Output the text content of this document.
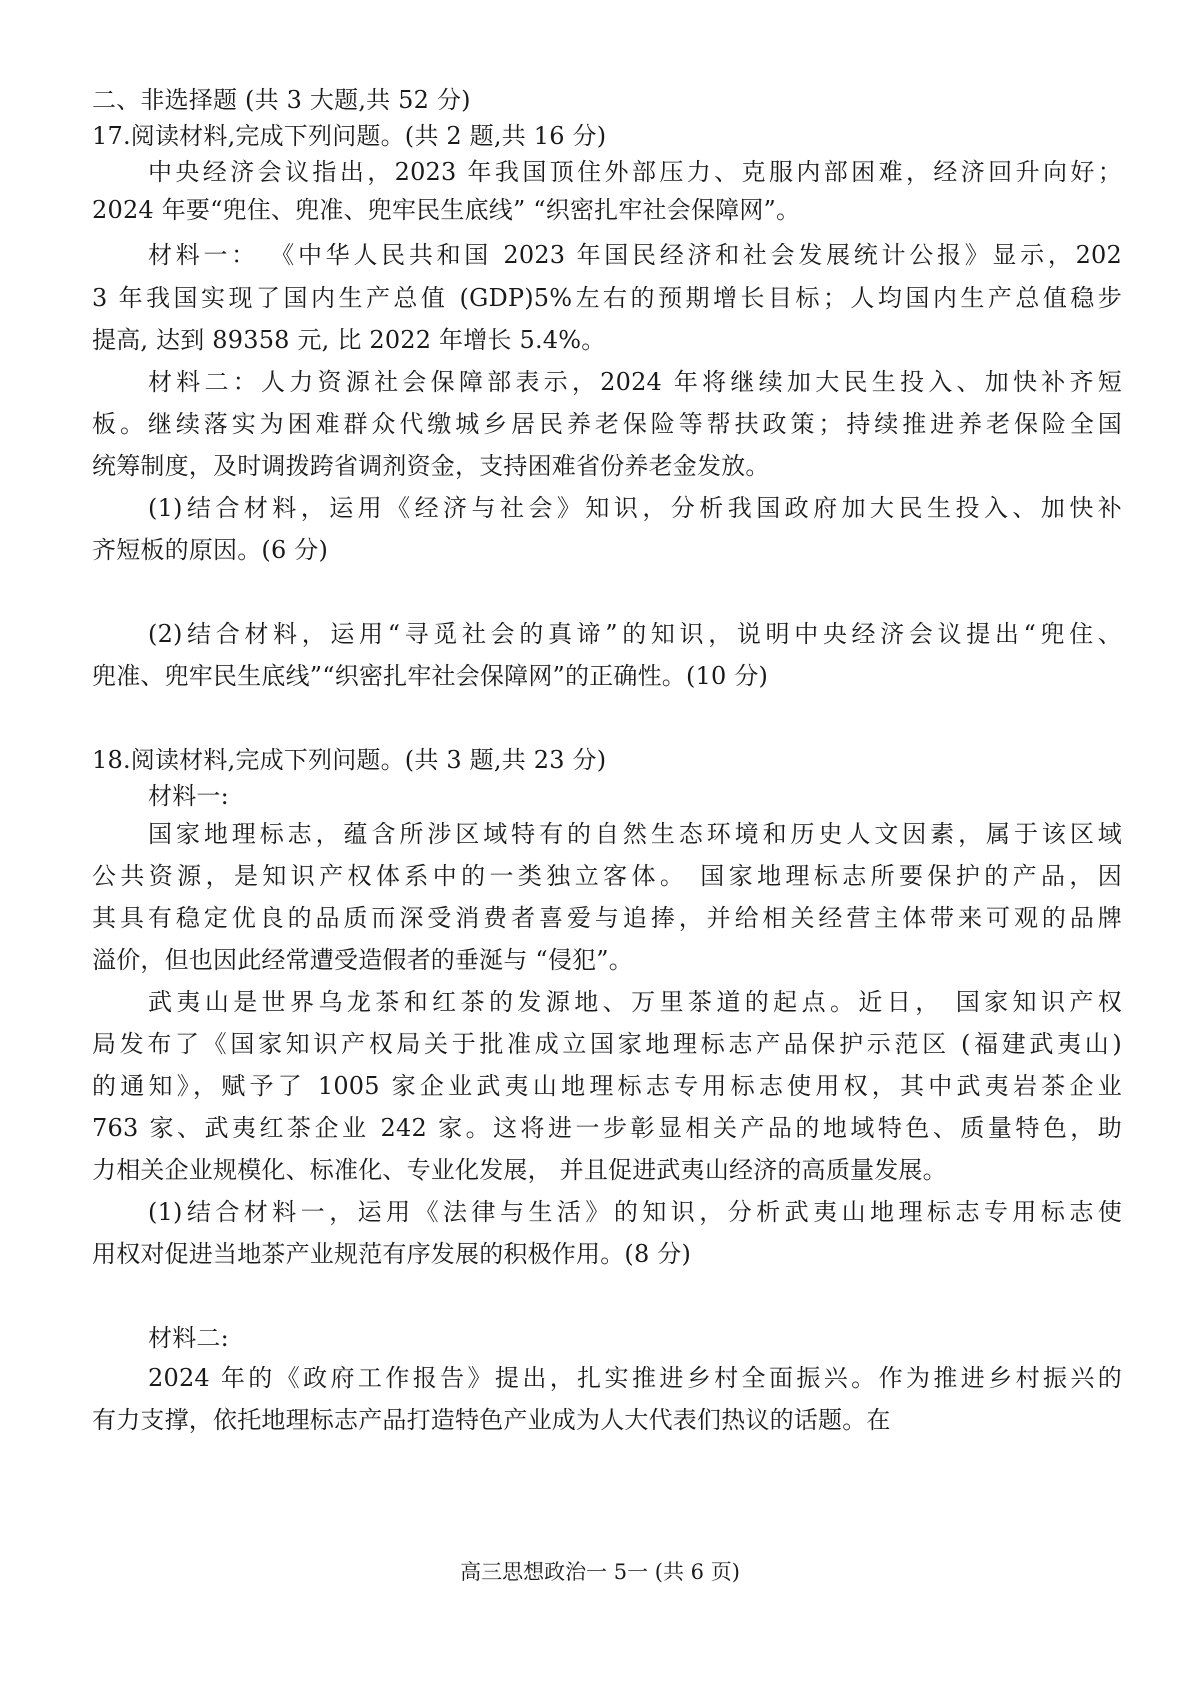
二、非选择题 (共 3 大题,共 52 分)
17.阅读材料,完成下列问题。(共 2 题,共 16 分)
中央经济会议指出，2023 年我国顶住外部压力、克服内部困难，经济回升向好；
2024 年要“兜住、兜准、兜牢民生底线” “织密扎牢社会保障网”。
材料一： 《中华人民共和国 2023 年国民经济和社会发展统计公报》显示，202
3 年我国实现了国内生产总值 (GDP)5%左右的预期增长目标；人均国内生产总值稳步
提高, 达到 89358 元, 比 2022 年增长 5.4%。
材料二：人力资源社会保障部表示，2024 年将继续加大民生投入、加快补齐短
板。继续落实为困难群众代缴城乡居民养老保险等帮扶政策；持续推进养老保险全国
统筹制度，及时调拨跨省调剂资金，支持困难省份养老金发放。
(1)结合材料，运用《经济与社会》知识，分析我国政府加大民生投入、加快补
齐短板的原因。(6 分)
(2)结合材料，运用“寻觅社会的真谛”的知识，说明中央经济会议提出“兜住、
兜准、兜牢民生底线”“织密扎牢社会保障网”的正确性。(10 分)
18.阅读材料,完成下列问题。(共 3 题,共 23 分)
材料一:
国家地理标志，蕴含所涉区域特有的自然生态环境和历史人文因素，属于该区域
公共资源，是知识产权体系中的一类独立客体。 国家地理标志所要保护的产品，因
其具有稳定优良的品质而深受消费者喜爱与追捧，并给相关经营主体带来可观的品牌
溢价，但也因此经常遭受造假者的垂涎与 “侵犯”。
武夷山是世界乌龙茶和红茶的发源地、万里茶道的起点。近日， 国家知识产权
局发布了《国家知识产权局关于批准成立国家地理标志产品保护示范区 (福建武夷山)
的通知》，赋予了 1005 家企业武夷山地理标志专用标志使用权，其中武夷岩茶企业
763 家、武夷红茶企业 242 家。这将进一步彰显相关产品的地域特色、质量特色，助
力相关企业规模化、标准化、专业化发展， 并且促进武夷山经济的高质量发展。
(1)结合材料一，运用《法律与生活》的知识，分析武夷山地理标志专用标志使
用权对促进当地茶产业规范有序发展的积极作用。(8 分)
材料二:
2024 年的《政府工作报告》提出，扎实推进乡村全面振兴。作为推进乡村振兴的
有力支撑，依托地理标志产品打造特色产业成为人大代表们热议的话题。在
高三思想政治一 5一 (共 6 页)
